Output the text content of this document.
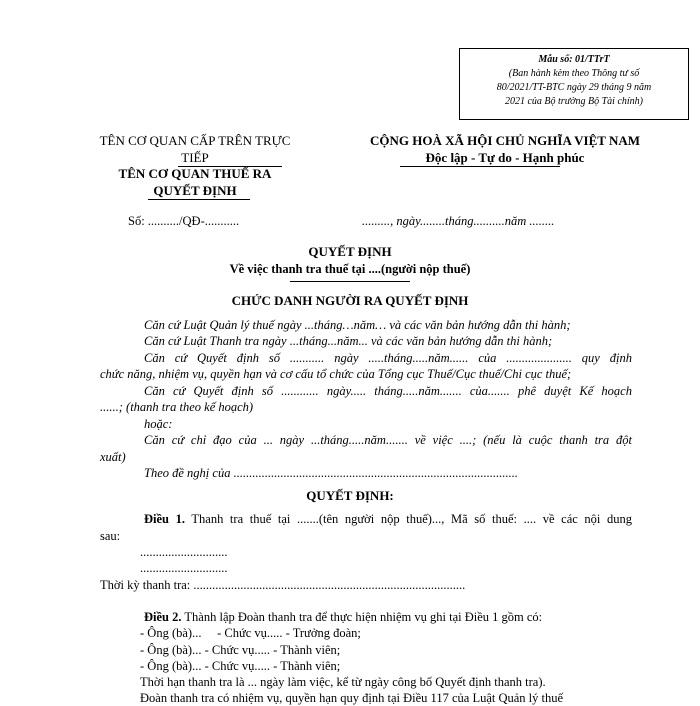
Mẫu số: 01/TTrT
(Ban hành kèm theo Thông tư số
80/2021/TT-BTC ngày 29 tháng 9 năm
2021 của Bộ trưởng Bộ Tài chính)
TÊN CƠ QUAN CẤP TRÊN TRỰC
TIẾP
TÊN CƠ QUAN THUẾ RA
QUYẾT ĐỊNH
CỘNG HOÀ XÃ HỘI CHỦ NGHĨA VIỆT NAM
Độc lập - Tự do - Hạnh phúc
Số: ........../QĐ-...........	........., ngày........tháng..........năm ........
QUYẾT ĐỊNH
Về việc thanh tra thuế tại ....(người nộp thuế)
CHỨC DANH NGƯỜI RA QUYẾT ĐỊNH
Căn cứ Luật Quản lý thuế ngày ...tháng…năm… và các văn bản hướng dẫn thi hành;
Căn cứ Luật Thanh tra ngày ...tháng...năm... và các văn bản hướng dẫn thi hành;
Căn cứ Quyết định số ........... ngày .....tháng.....năm...... của ..................... quy định
chức năng, nhiệm vụ, quyền hạn và cơ cấu tổ chức của Tổng cục Thuế/Cục thuế/Chi cục thuế;
Căn cứ Quyết định số ............ ngày..... tháng.....năm....... của....... phê duyệt Kế hoạch
......; (thanh tra theo kế hoạch)
hoặc:
Căn cứ chỉ đạo của ... ngày ...tháng.....năm....... về việc ....; (nếu là cuộc thanh tra đột
xuất)
Theo đề nghị của ...........................................................................................
QUYẾT ĐỊNH:
Điều 1. Thanh tra thuế tại .......(tên người nộp thuế)..., Mã số thuế: .... về các nội dung
sau:
............................
............................
Thời kỳ thanh tra: .......................................................................................
Điều 2. Thành lập Đoàn thanh tra để thực hiện nhiệm vụ ghi tại Điều 1 gồm có:
- Ông (bà)...     - Chức vụ..... - Trưởng đoàn;
- Ông (bà)... - Chức vụ..... - Thành viên;
- Ông (bà)... - Chức vụ..... - Thành viên;
Thời hạn thanh tra là ... ngày làm việc, kể từ ngày công bố Quyết định thanh tra).
Đoàn thanh tra có nhiệm vụ, quyền hạn quy định tại Điều 117 của Luật Quản lý thuế
